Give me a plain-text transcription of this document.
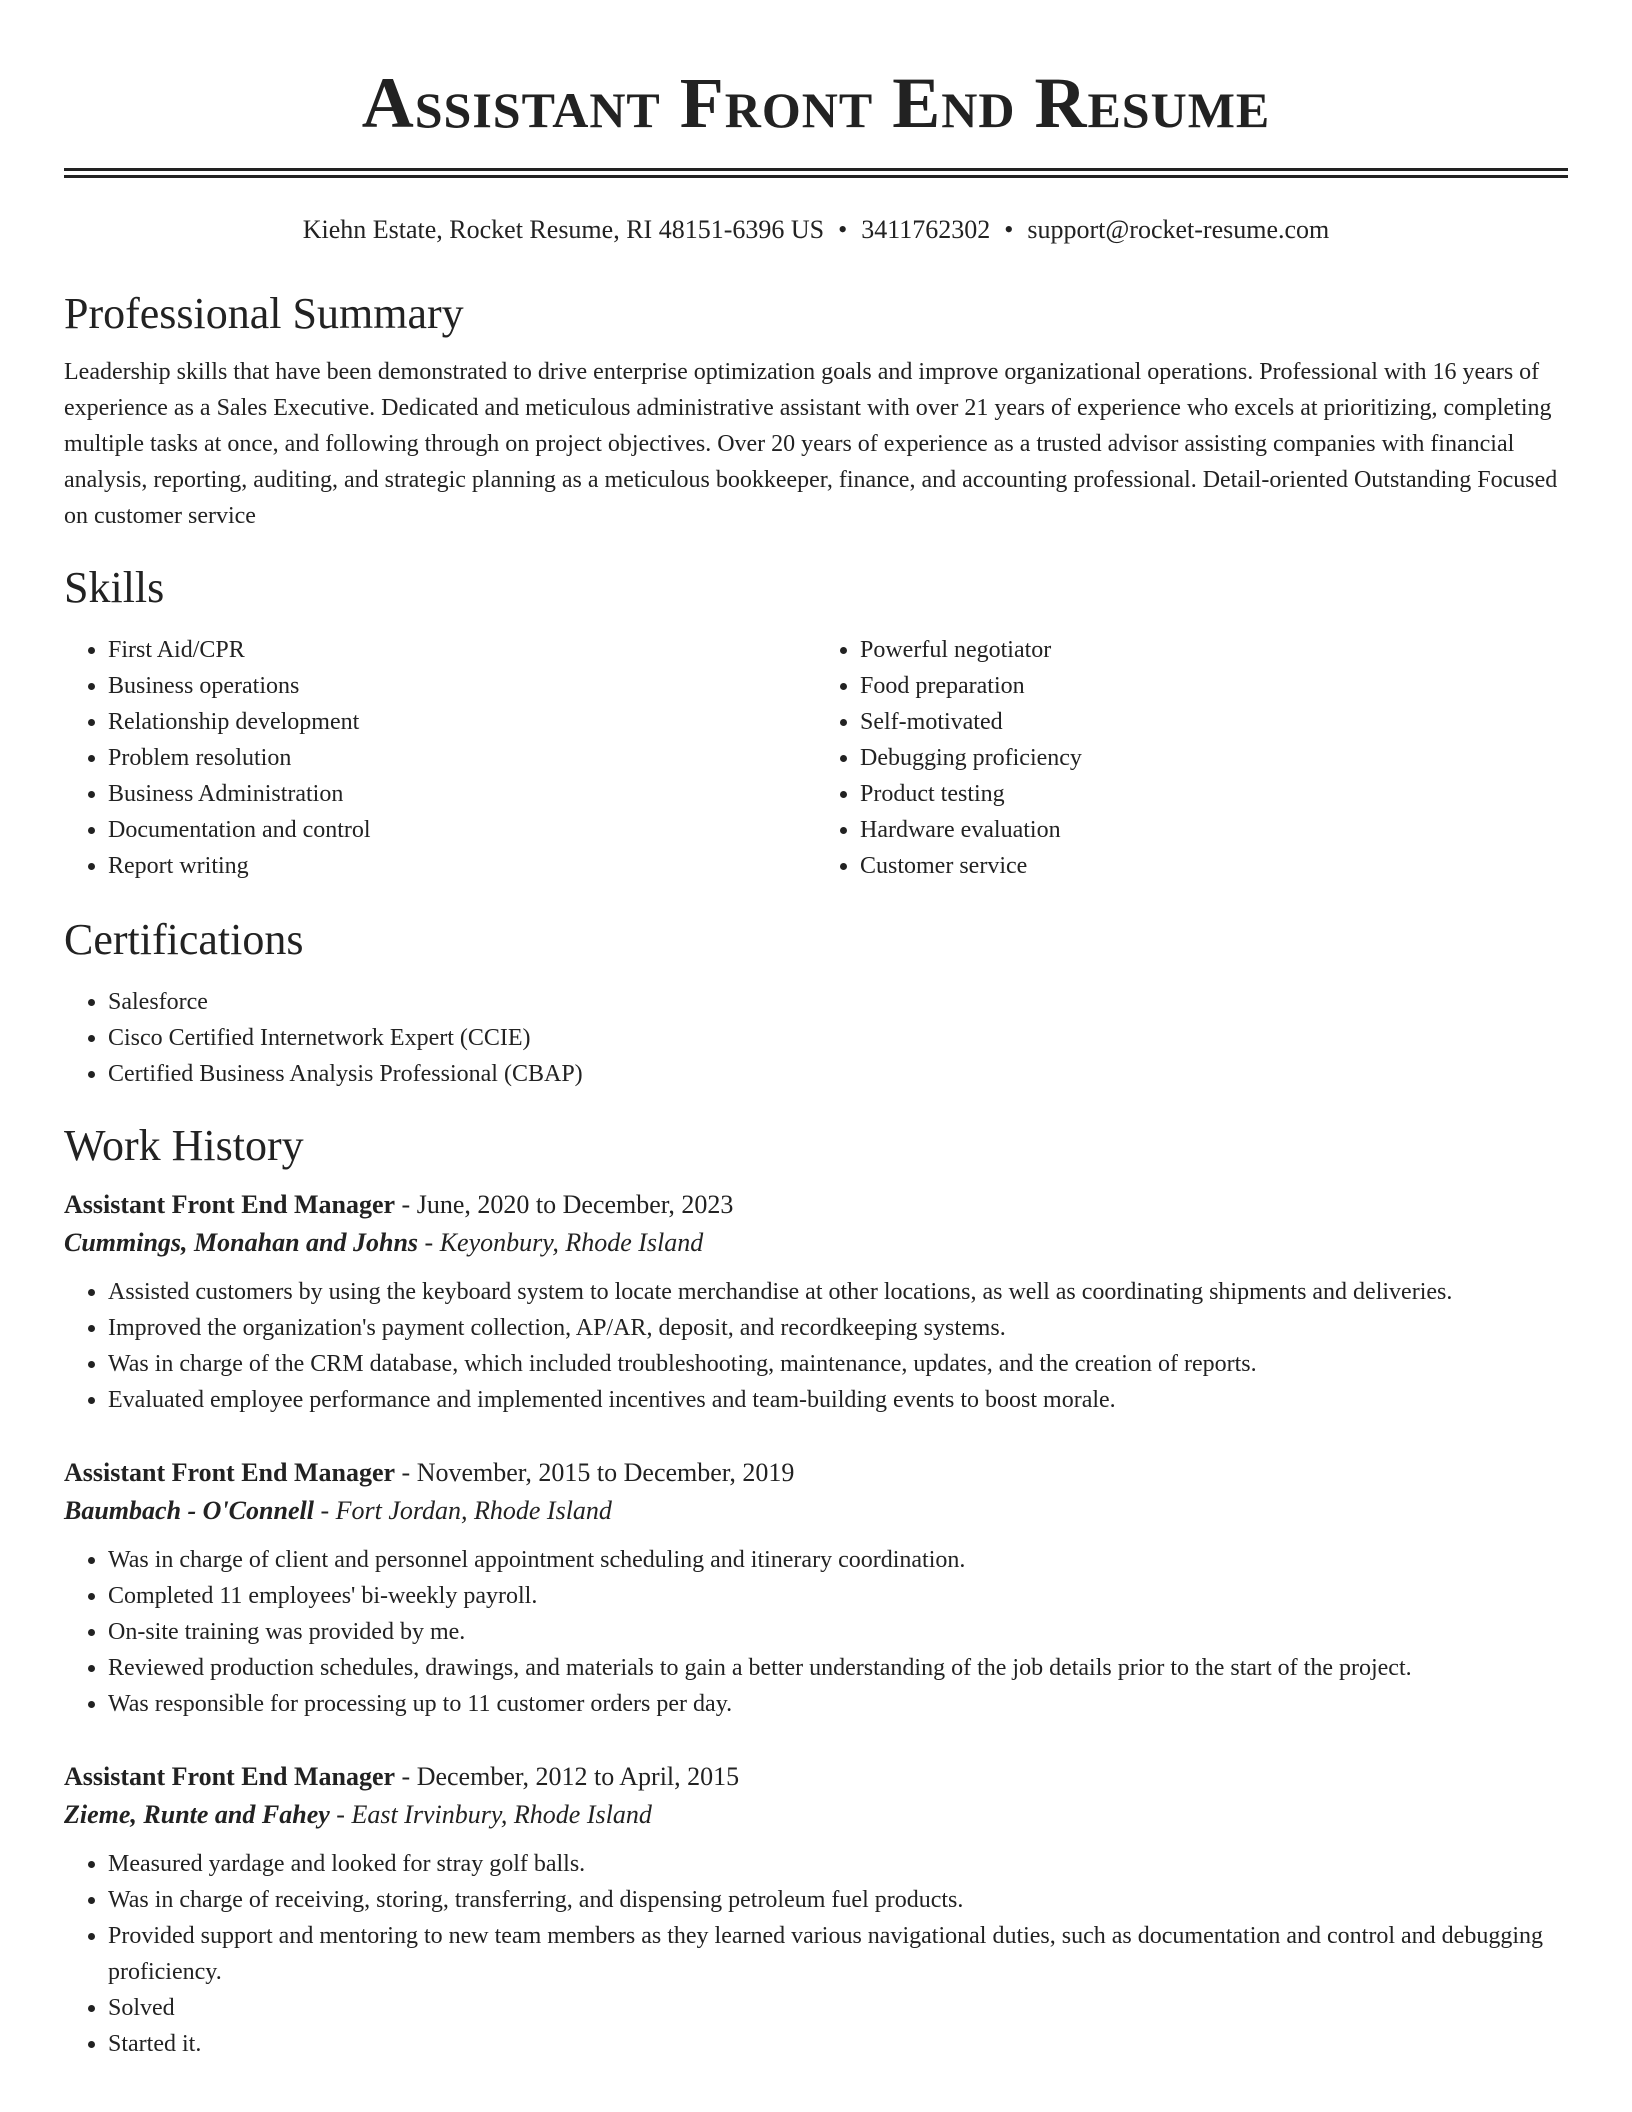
Assistant Front End Resume
Kiehn Estate, Rocket Resume, RI 48151-6396 US • 3411762302 • support@rocket-resume.com
Professional Summary

Leadership skills that have been demonstrated to drive enterprise optimization goals and improve organizational operations. Professional with 16 years of experience as a Sales Executive. Dedicated and meticulous administrative assistant with over 21 years of experience who excels at prioritizing, completing multiple tasks at once, and following through on project objectives. Over 20 years of experience as a trusted advisor assisting companies with financial analysis, reporting, auditing, and strategic planning as a meticulous bookkeeper, finance, and accounting professional. Detail-oriented Outstanding Focused on customer service

Skills
• First Aid/CPR
• Business operations
• Relationship development
• Problem resolution
• Business Administration
• Documentation and control
• Report writing
• Powerful negotiator
• Food preparation
• Self-motivated
• Debugging proficiency
• Product testing
• Hardware evaluation
• Customer service
Certifications
• Salesforce
• Cisco Certified Internetwork Expert (CCIE)
• Certified Business Analysis Professional (CBAP)
Work History
Assistant Front End Manager - June, 2020 to December, 2023
Cummings, Monahan and Johns - Keyonbury, Rhode Island
• Assisted customers by using the keyboard system to locate merchandise at other locations, as well as coordinating shipments and deliveries.
• Improved the organization's payment collection, AP/AR, deposit, and recordkeeping systems.
• Was in charge of the CRM database, which included troubleshooting, maintenance, updates, and the creation of reports.
• Evaluated employee performance and implemented incentives and team-building events to boost morale.
Assistant Front End Manager - November, 2015 to December, 2019
Baumbach - O'Connell - Fort Jordan, Rhode Island
• Was in charge of client and personnel appointment scheduling and itinerary coordination.
• Completed 11 employees' bi-weekly payroll.
• On-site training was provided by me.
• Reviewed production schedules, drawings, and materials to gain a better understanding of the job details prior to the start of the project.
• Was responsible for processing up to 11 customer orders per day.
Assistant Front End Manager - December, 2012 to April, 2015
Zieme, Runte and Fahey - East Irvinbury, Rhode Island
• Measured yardage and looked for stray golf balls.
• Was in charge of receiving, storing, transferring, and dispensing petroleum fuel products.
• Provided support and mentoring to new team members as they learned various navigational duties, such as documentation and control and debugging proficiency.
• Solved
• Started it.
